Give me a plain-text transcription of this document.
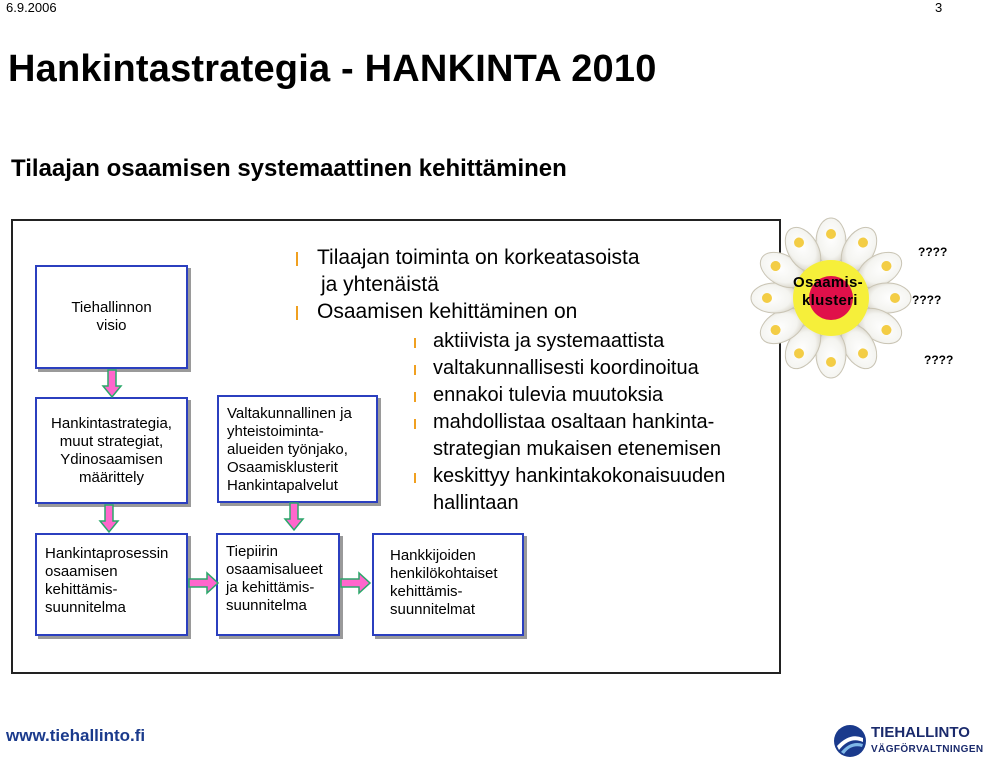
6.9.2006	3
Hankintastrategia - HANKINTA 2010
Tilaajan osaamisen systemaattinen kehittäminen
Tiehallinnon
visio
Hankintastrategia,
muut strategiat,
Ydinosaamisen
määrittely
Valtakunnallinen ja
yhteistoiminta-
alueiden työnjako,
Osaamisklusterit
Hankintapalvelut
Hankintaprosessin
osaamisen
kehittämis-
suunnitelma
Tiepiirin
osaamisalueet
ja kehittämis-
suunnitelma
Hankkijoiden
henkilökohtaiset
kehittämis-
suunnitelmat
Tilaajan toiminta on korkeatasoista
ja yhtenäistä
Osaamisen kehittäminen on
aktiivista ja systemaattista
valtakunnallisesti koordinoitua
ennakoi tulevia muutoksia
mahdollistaa osaltaan hankinta-
strategian mukaisen etenemisen
keskittyy hankintakokonaisuuden
hallintaan
Osaamis-
klusteri
????
????
????
www.tiehallinto.fi	TIEHALLINTO
VÄGFÖRVALTNINGEN
